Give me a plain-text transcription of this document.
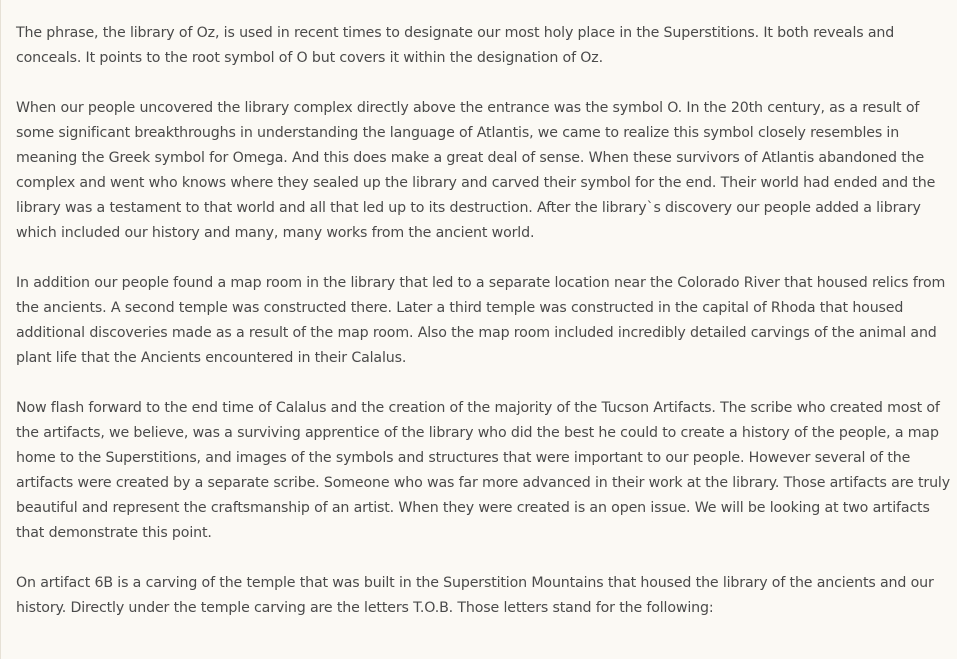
The phrase, the library of Oz, is used in recent times to designate our most holy place in the Superstitions. It both reveals and conceals. It points to the root symbol of O but covers it within the designation of Oz.

When our people uncovered the library complex directly above the entrance was the symbol O. In the 20th century, as a result of some significant breakthroughs in understanding the language of Atlantis, we came to realize this symbol closely resembles in meaning the Greek symbol for Omega. And this does make a great deal of sense. When these survivors of Atlantis abandoned the complex and went who knows where they sealed up the library and carved their symbol for the end. Their world had ended and the library was a testament to that world and all that led up to its destruction. After the library`s discovery our people added a library which included our history and many, many works from the ancient world.

In addition our people found a map room in the library that led to a separate location near the Colorado River that housed relics from the ancients. A second temple was constructed there. Later a third temple was constructed in the capital of Rhoda that housed additional discoveries made as a result of the map room. Also the map room included incredibly detailed carvings of the animal and plant life that the Ancients encountered in their Calalus.

Now flash forward to the end time of Calalus and the creation of the majority of the Tucson Artifacts. The scribe who created most of the artifacts, we believe, was a surviving apprentice of the library who did the best he could to create a history of the people, a map home to the Superstitions, and images of the symbols and structures that were important to our people. However several of the artifacts were created by a separate scribe. Someone who was far more advanced in their work at the library. Those artifacts are truly beautiful and represent the craftsmanship of an artist. When they were created is an open issue. We will be looking at two artifacts that demonstrate this point.

On artifact 6B is a carving of the temple that was built in the Superstition Mountains that housed the library of the ancients and our history. Directly under the temple carving are the letters T.O.B. Those letters stand for the following:
